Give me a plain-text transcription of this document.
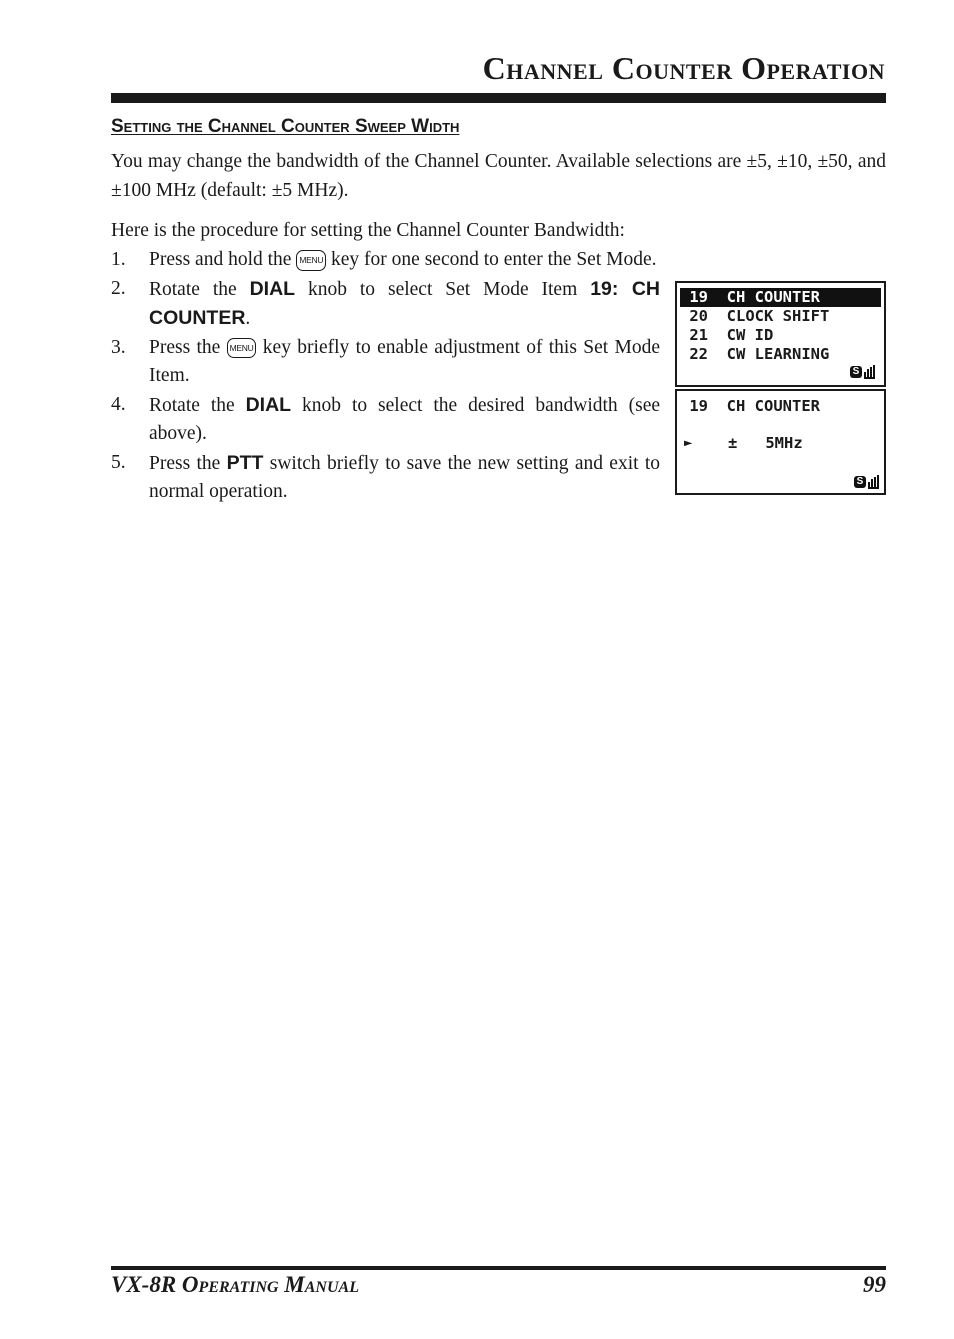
Channel Counter Operation
Setting the Channel Counter Sweep Width

You may change the bandwidth of the Channel Counter. Available selections are ±5, ±10, ±50, and ±100 MHz (default: ±5 MHz).

Here is the procedure for setting the Channel Counter Bandwidth:

1. Press and hold the MENU key for one second to enter the Set Mode.
2. Rotate the DIAL knob to select Set Mode Item 19: CH COUNTER.
3. Press the MENU key briefly to enable adjustment of this Set Mode Item.
4. Rotate the DIAL knob to select the desired bandwidth (see above).
5. Press the PTT switch briefly to save the new setting and exit to normal operation.
19  CH COUNTER
20  CLOCK SHIFT
21  CW ID
22  CW LEARNING
S
19  CH COUNTER
► ±   5MHz
S

VX-8R Operating Manual	99
